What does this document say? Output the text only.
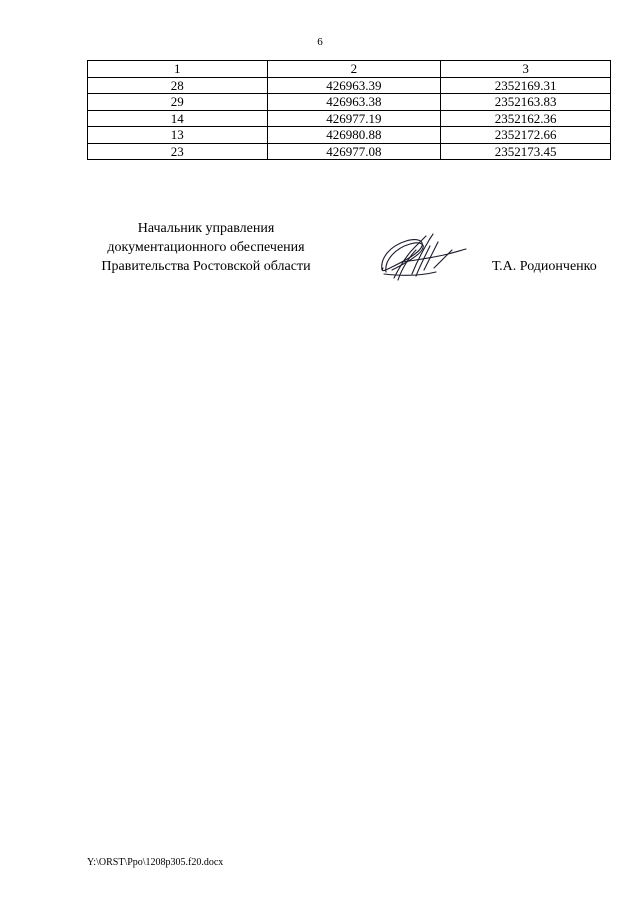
6
1	2	3
28	426963.39	2352169.31
29	426963.38	2352163.83
14	426977.19	2352162.36
13	426980.88	2352172.66
23	426977.08	2352173.45
Начальник управления
документационного обеспечения
Правительства Ростовской области	Т.А. Родионченко
Y:\ORST\Ppo\1208p305.f20.docx
